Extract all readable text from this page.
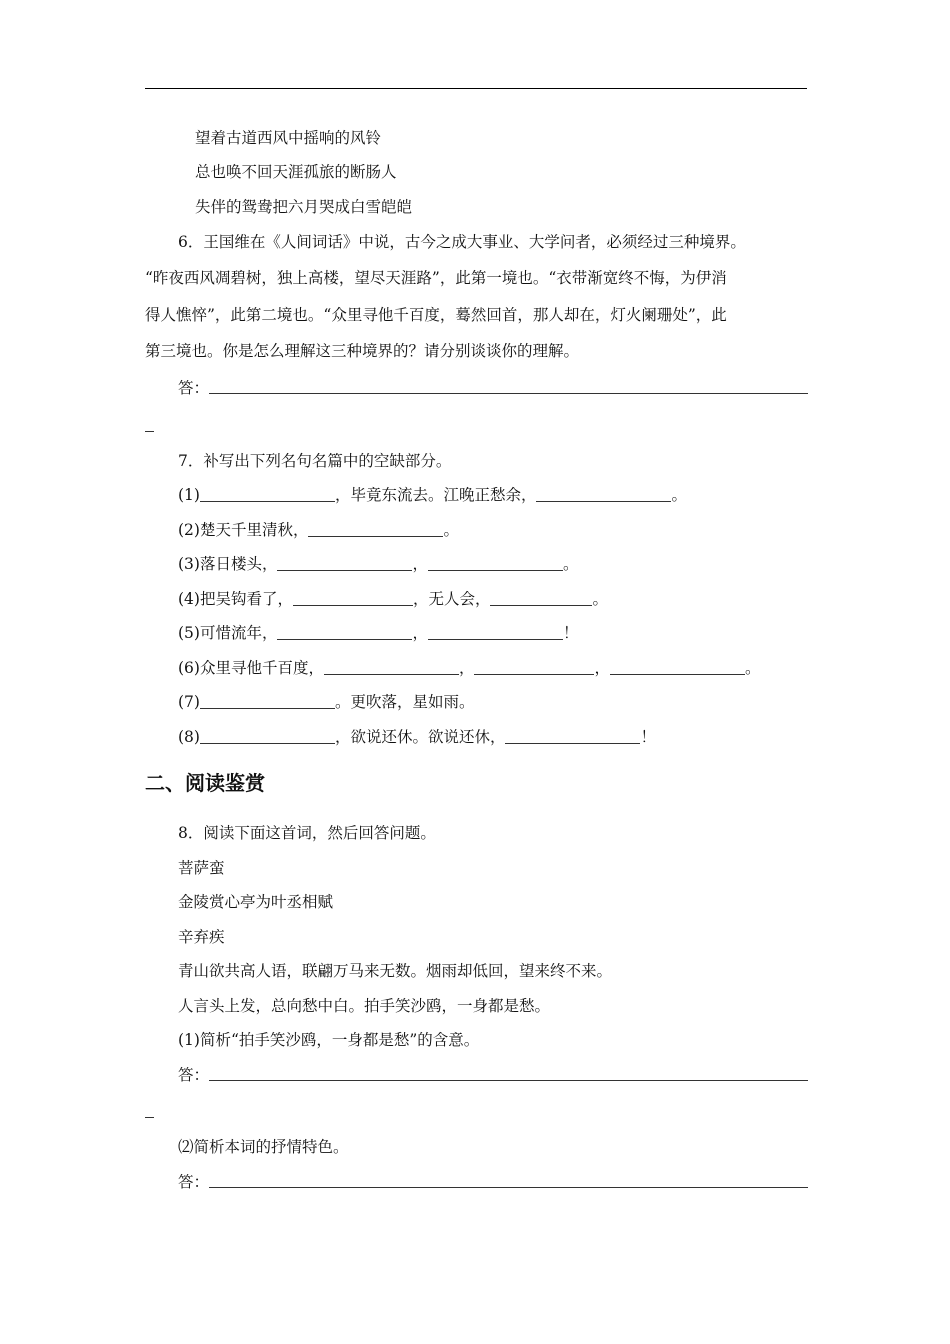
望着古道西风中摇响的风铃
总也唤不回天涯孤旅的断肠人
失伴的鸳鸯把六月哭成白雪皑皑
6．王国维在《人间词话》中说，古今之成大事业、大学问者，必须经过三种境界。
“昨夜西风凋碧树，独上高楼，望尽天涯路”，此第一境也。“衣带渐宽终不悔，为伊消
得人憔悴”，此第二境也。“众里寻他千百度，蓦然回首，那人却在，灯火阑珊处”，此
第三境也。你是怎么理解这三种境界的？请分别谈谈你的理解。
答：
7．补写出下列名句名篇中的空缺部分。
(1)	，毕竟东流去。江晚正愁余，	。
(2)楚天千里清秋，	。
(3)落日楼头，	，	。
(4)把吴钩看了，	，无人会，	。
(5)可惜流年，	，	！
(6)众里寻他千百度，	，	，	。
(7)	。更吹落，星如雨。
(8)	，欲说还休。欲说还休，	！
二、阅读鉴赏
8．阅读下面这首词，然后回答问题。
菩萨蛮
金陵赏心亭为叶丞相赋
辛弃疾
青山欲共高人语，联翩万马来无数。烟雨却低回，望来终不来。
人言头上发，总向愁中白。拍手笑沙鸥，一身都是愁。
(1)简析“拍手笑沙鸥，一身都是愁”的含意。
答：
⑵简析本词的抒情特色。
答：
